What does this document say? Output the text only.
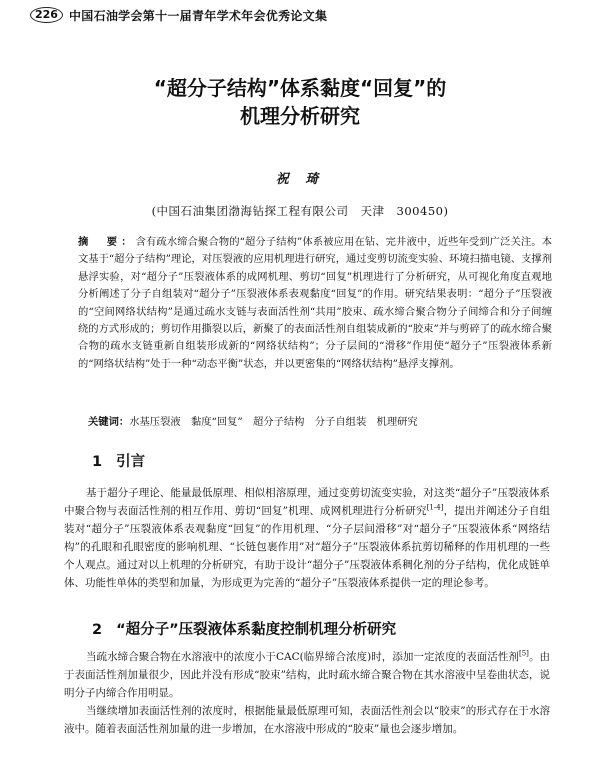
226 中国石油学会第十一届青年学术年会优秀论文集
“超分子结构”体系黏度“回复”的
机理分析研究
祝 琦
(中国石油集团渤海钻探工程有限公司　天津　300450)

摘　要：含有疏水缔合聚合物的“超分子结构”体系被应用在钻、完井液中，近些年受到广泛关注。本文基于“超分子结构”理论，对压裂液的应用机理进行研究，通过变剪切流变实验、环境扫描电镜、支撑剂悬浮实验，对“超分子”压裂液体系的成网机理、剪切“回复”机理进行了分析研究，从可视化角度直观地分析阐述了分子自组装对“超分子”压裂液体系表观黏度“回复”的作用。研究结果表明：“超分子”压裂液的“空间网络状结构”是通过疏水支链与表面活性剂“共用”胶束、疏水缔合聚合物分子间缔合和分子间缠绕的方式形成的；剪切作用撕裂以后，新聚了的表面活性剂自组装成新的“胶束”并与剪碎了的疏水缔合聚合物的疏水支链重新自组装形成新的“网络状结构”；分子层间的“滑移”作用使“超分子”压裂液体系新的“网络状结构”处于一种“动态平衡”状态，并以更密集的“网络状结构”悬浮支撑剂。

关键词：水基压裂液　黏度“回复”　超分子结构　分子自组装　机理研究

1 引言

基于超分子理论、能量最低原理、相似相溶原理，通过变剪切流变实验，对这类“超分子”压裂液体系中聚合物与表面活性剂的相互作用、剪切“回复”机理、成网机理进行分析研究[1-4]，提出并阐述分子自组装对“超分子”压裂液体系表观黏度“回复”的作用机理、“分子层间滑移”对“超分子”压裂液体系“网络结构”的孔眼和孔眼密度的影响机理、“长链包裹作用”对“超分子”压裂液体系抗剪切稀释的作用机理的一些个人观点。通过对以上机理的分析研究，有助于设计“超分子”压裂液体系稠化剂的分子结构，优化成链单体、功能性单体的类型和加量，为形成更为完善的“超分子”压裂液体系提供一定的理论参考。

2 “超分子”压裂液体系黏度控制机理分析研究

当疏水缔合聚合物在水溶液中的浓度小于CAC(临界缔合浓度)时，添加一定浓度的表面活性剂[5]。由于表面活性剂加量很少，因此并没有形成“胶束”结构，此时疏水缔合聚合物在其水溶液中呈卷曲状态，说明分子内缔合作用明显。

当继续增加表面活性剂的浓度时，根据能量最低原理可知，表面活性剂会以“胶束”的形式存在于水溶液中。随着表面活性剂加量的进一步增加，在水溶液中形成的“胶束”量也会逐步增加。
